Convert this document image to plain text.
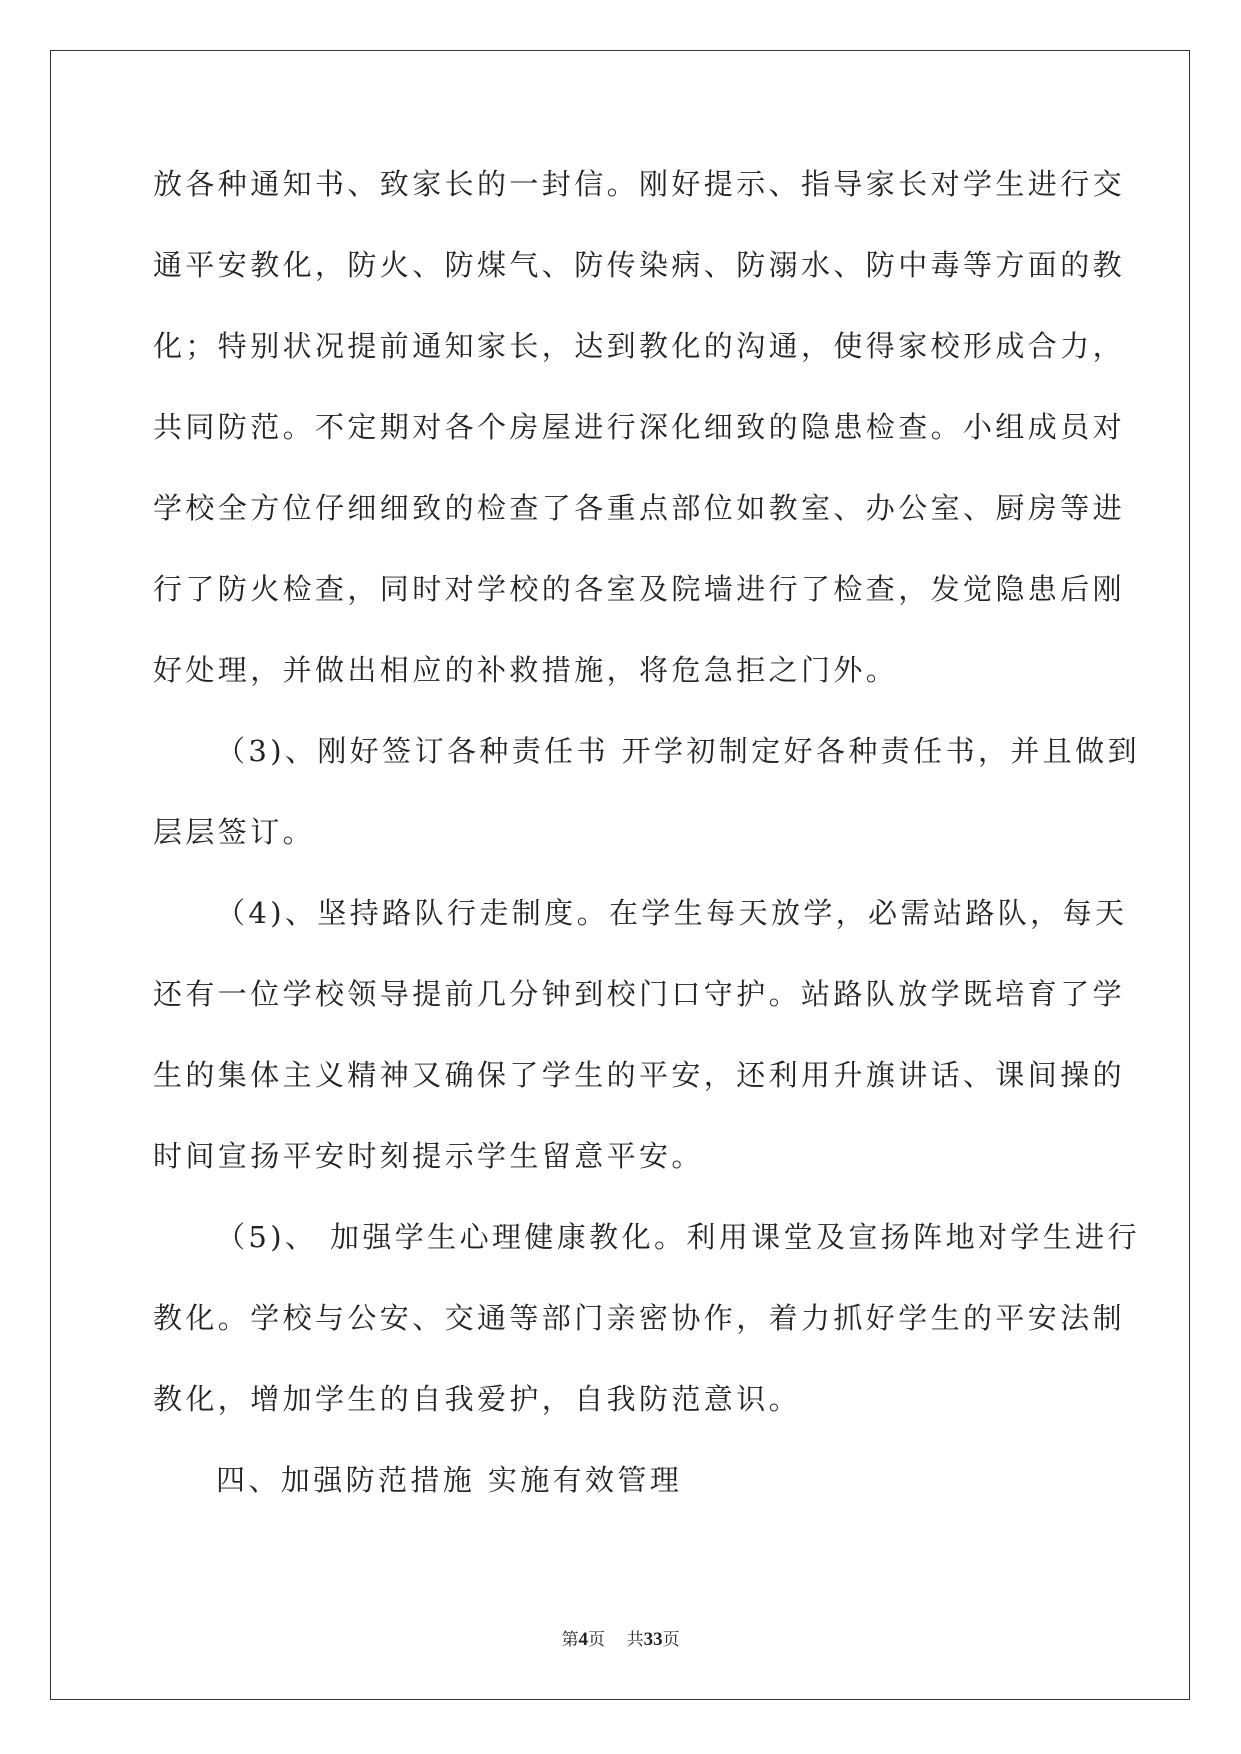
放各种通知书、致家长的一封信。刚好提示、指导家长对学生进行交
通平安教化，防火、防煤气、防传染病、防溺水、防中毒等方面的教
化；特别状况提前通知家长，达到教化的沟通，使得家校形成合力，
共同防范。不定期对各个房屋进行深化细致的隐患检查。小组成员对
学校全方位仔细细致的检查了各重点部位如教室、办公室、厨房等进
行了防火检查，同时对学校的各室及院墙进行了检查，发觉隐患后刚
好处理，并做出相应的补救措施，将危急拒之门外。
（3)、刚好签订各种责任书 开学初制定好各种责任书，并且做到
层层签订。
（4)、坚持路队行走制度。在学生每天放学，必需站路队，每天
还有一位学校领导提前几分钟到校门口守护。站路队放学既培育了学
生的集体主义精神又确保了学生的平安，还利用升旗讲话、课间操的
时间宣扬平安时刻提示学生留意平安。
（5)、 加强学生心理健康教化。利用课堂及宣扬阵地对学生进行
教化。学校与公安、交通等部门亲密协作，着力抓好学生的平安法制
教化，增加学生的自我爱护，自我防范意识。
四、加强防范措施 实施有效管理
第4页 共33页
